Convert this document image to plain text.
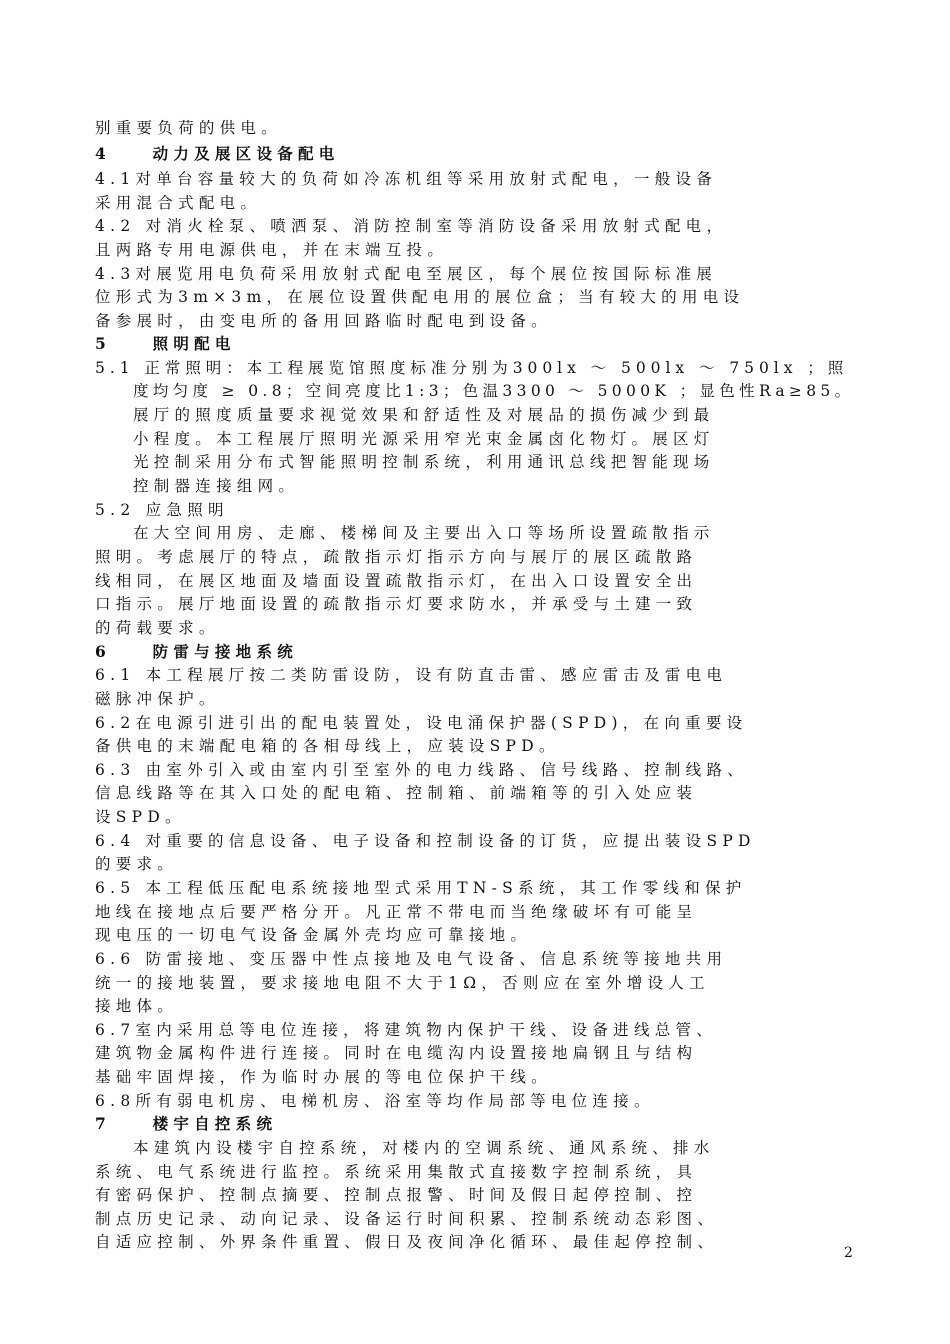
别重要负荷的供电。
4　　动力及展区设备配电
4.1对单台容量较大的负荷如冷冻机组等采用放射式配电，一般设备
采用混合式配电。
4.2 对消火栓泵、喷洒泵、消防控制室等消防设备采用放射式配电，
且两路专用电源供电，并在末端互投。
4.3对展览用电负荷采用放射式配电至展区，每个展位按国际标准展
位形式为3m×3m，在展位设置供配电用的展位盒；当有较大的用电设
备参展时，由变电所的备用回路临时配电到设备。
5　　照明配电
5.1 正常照明：本工程展览馆照度标准分别为300lx ～ 500lx ～ 750lx ；照
度均匀度 ≥ 0.8；空间亮度比1:3；色温3300 ～ 5000K ；显色性Ra≥85。
展厅的照度质量要求视觉效果和舒适性及对展品的损伤减少到最
小程度。本工程展厅照明光源采用窄光束金属卤化物灯。展区灯
光控制采用分布式智能照明控制系统，利用通讯总线把智能现场
控制器连接组网。
5.2 应急照明
在大空间用房、走廊、楼梯间及主要出入口等场所设置疏散指示
照明。考虑展厅的特点，疏散指示灯指示方向与展厅的展区疏散路
线相同，在展区地面及墙面设置疏散指示灯，在出入口设置安全出
口指示。展厅地面设置的疏散指示灯要求防水，并承受与土建一致
的荷载要求。
6　　防雷与接地系统
6.1 本工程展厅按二类防雷设防，设有防直击雷、感应雷击及雷电电
磁脉冲保护。
6.2在电源引进引出的配电装置处，设电涌保护器(SPD)，在向重要设
备供电的末端配电箱的各相母线上，应装设SPD。
6.3 由室外引入或由室内引至室外的电力线路、信号线路、控制线路、
信息线路等在其入口处的配电箱、控制箱、前端箱等的引入处应装
设SPD。
6.4 对重要的信息设备、电子设备和控制设备的订货，应提出装设SPD
的要求。
6.5 本工程低压配电系统接地型式采用TN-S系统，其工作零线和保护
地线在接地点后要严格分开。凡正常不带电而当绝缘破坏有可能呈
现电压的一切电气设备金属外壳均应可靠接地。
6.6 防雷接地、变压器中性点接地及电气设备、信息系统等接地共用
统一的接地装置，要求接地电阻不大于1Ω，否则应在室外增设人工
接地体。
6.7室内采用总等电位连接，将建筑物内保护干线、设备进线总管、
建筑物金属构件进行连接。同时在电缆沟内设置接地扁钢且与结构
基础牢固焊接，作为临时办展的等电位保护干线。
6.8所有弱电机房、电梯机房、浴室等均作局部等电位连接。
7　　楼宇自控系统
本建筑内设楼宇自控系统，对楼内的空调系统、通风系统、排水
系统、电气系统进行监控。系统采用集散式直接数字控制系统，具
有密码保护、控制点摘要、控制点报警、时间及假日起停控制、控
制点历史记录、动向记录、设备运行时间积累、控制系统动态彩图、
自适应控制、外界条件重置、假日及夜间净化循环、最佳起停控制、
2
